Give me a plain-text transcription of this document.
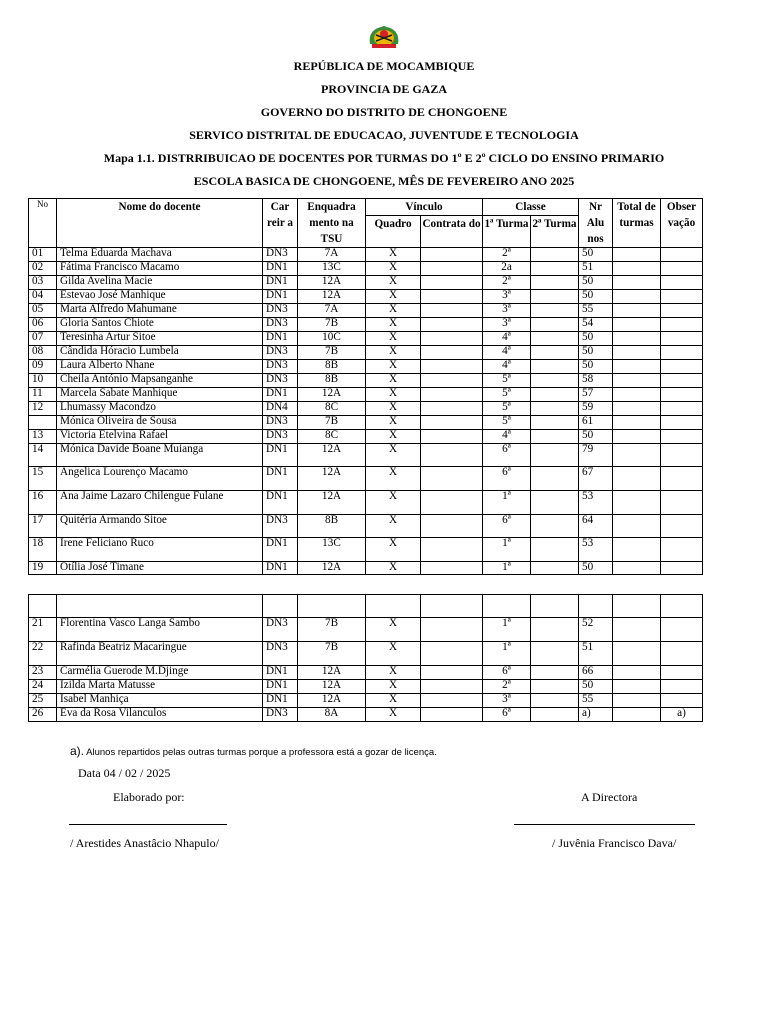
REPÚBLICA DE MOCAMBIQUE
PROVINCIA DE GAZA
GOVERNO DO DISTRITO DE CHONGOENE
SERVICO DISTRITAL DE EDUCACAO, JUVENTUDE E TECNOLOGIA
Mapa 1.1. DISTRRIBUICAO DE DOCENTES POR TURMAS DO 1º E 2º CICLO DO ENSINO PRIMARIO
ESCOLA BASICA DE CHONGOENE, MÊS DE FEVEREIRO ANO 2025
No	Nome do docente	Car reir a	Enquadra mento na TSU	Vínculo		Classe		Nr Alu nos	Total de turmas	Obser vação
				Quadro	Contrata do	1ª Turma	2ª Turma			

01	Telma Eduarda Machava	DN3	7A	X		2ª		50		
02	Fátima Francisco Macamo	DN1	13C	X		2a		51		
03	Gilda Avelina Macie	DN1	12A	X		2ª		50		
04	Estevao José Manhique	DN1	12A	X		3ª		50		
05	Marta Alfredo Mahumane	DN3	7A	X		3ª		55		
06	Gloria Santos Chiote	DN3	7B	X		3ª		54		
07	Teresinha Artur Sitoe	DN1	10C	X		4ª		50		
08	Cândida Hóracio Lumbela	DN3	7B	X		4ª		50		
09	Laura Alberto Nhane	DN3	8B	X		4ª		50		
10	Cheila António Mapsanganhe	DN3	8B	X		5ª		58		
11	Marcela Sabate Manhique	DN1	12A	X		5ª		57		
12	Lhumassy Macondzo	DN4	8C	X		5ª		59		
	Mónica Oliveira de Sousa	DN3	7B	X		5ª		61		
13	Victoria Etelvina Rafael	DN3	8C	X		4ª		50		
14	Mónica Davide Boane Muianga	DN1	12A	X		6ª		79		
15	Angelica Lourenço Macamo	DN1	12A	X		6ª		67		
16	Ana Jaime Lazaro Chilengue Fulane	DN1	12A	X		1ª		53		
17	Quitéria Armando Sitoe	DN3	8B	X		6ª		64		
18	Irene Feliciano Ruco	DN1	13C	X		1ª		53		
19	Otília José Timane	DN1	12A	X		1ª		50		

21	Florentina Vasco Langa Sambo	DN3	7B	X		1ª		52		
22	Rafinda Beatriz Macaringue	DN3	7B	X		1ª		51		
23	Carmélia Guerode M.Djinge	DN1	12A	X		6ª		66		
24	Izilda Marta Matusse	DN1	12A	X		2ª		50		
25	Isabel Manhiça	DN1	12A	X		3ª		55		
26	Eva da Rosa Vilanculos	DN3	8A	X		6ª		a)		a)
a). Alunos repartidos pelas outras turmas porque a professora está a gozar de licença.
Data 04 / 02 / 2025
Elaborado por:	A Directora
/ Arestides Anastâcio Nhapulo/	/ Juvênia Francisco Dava/
